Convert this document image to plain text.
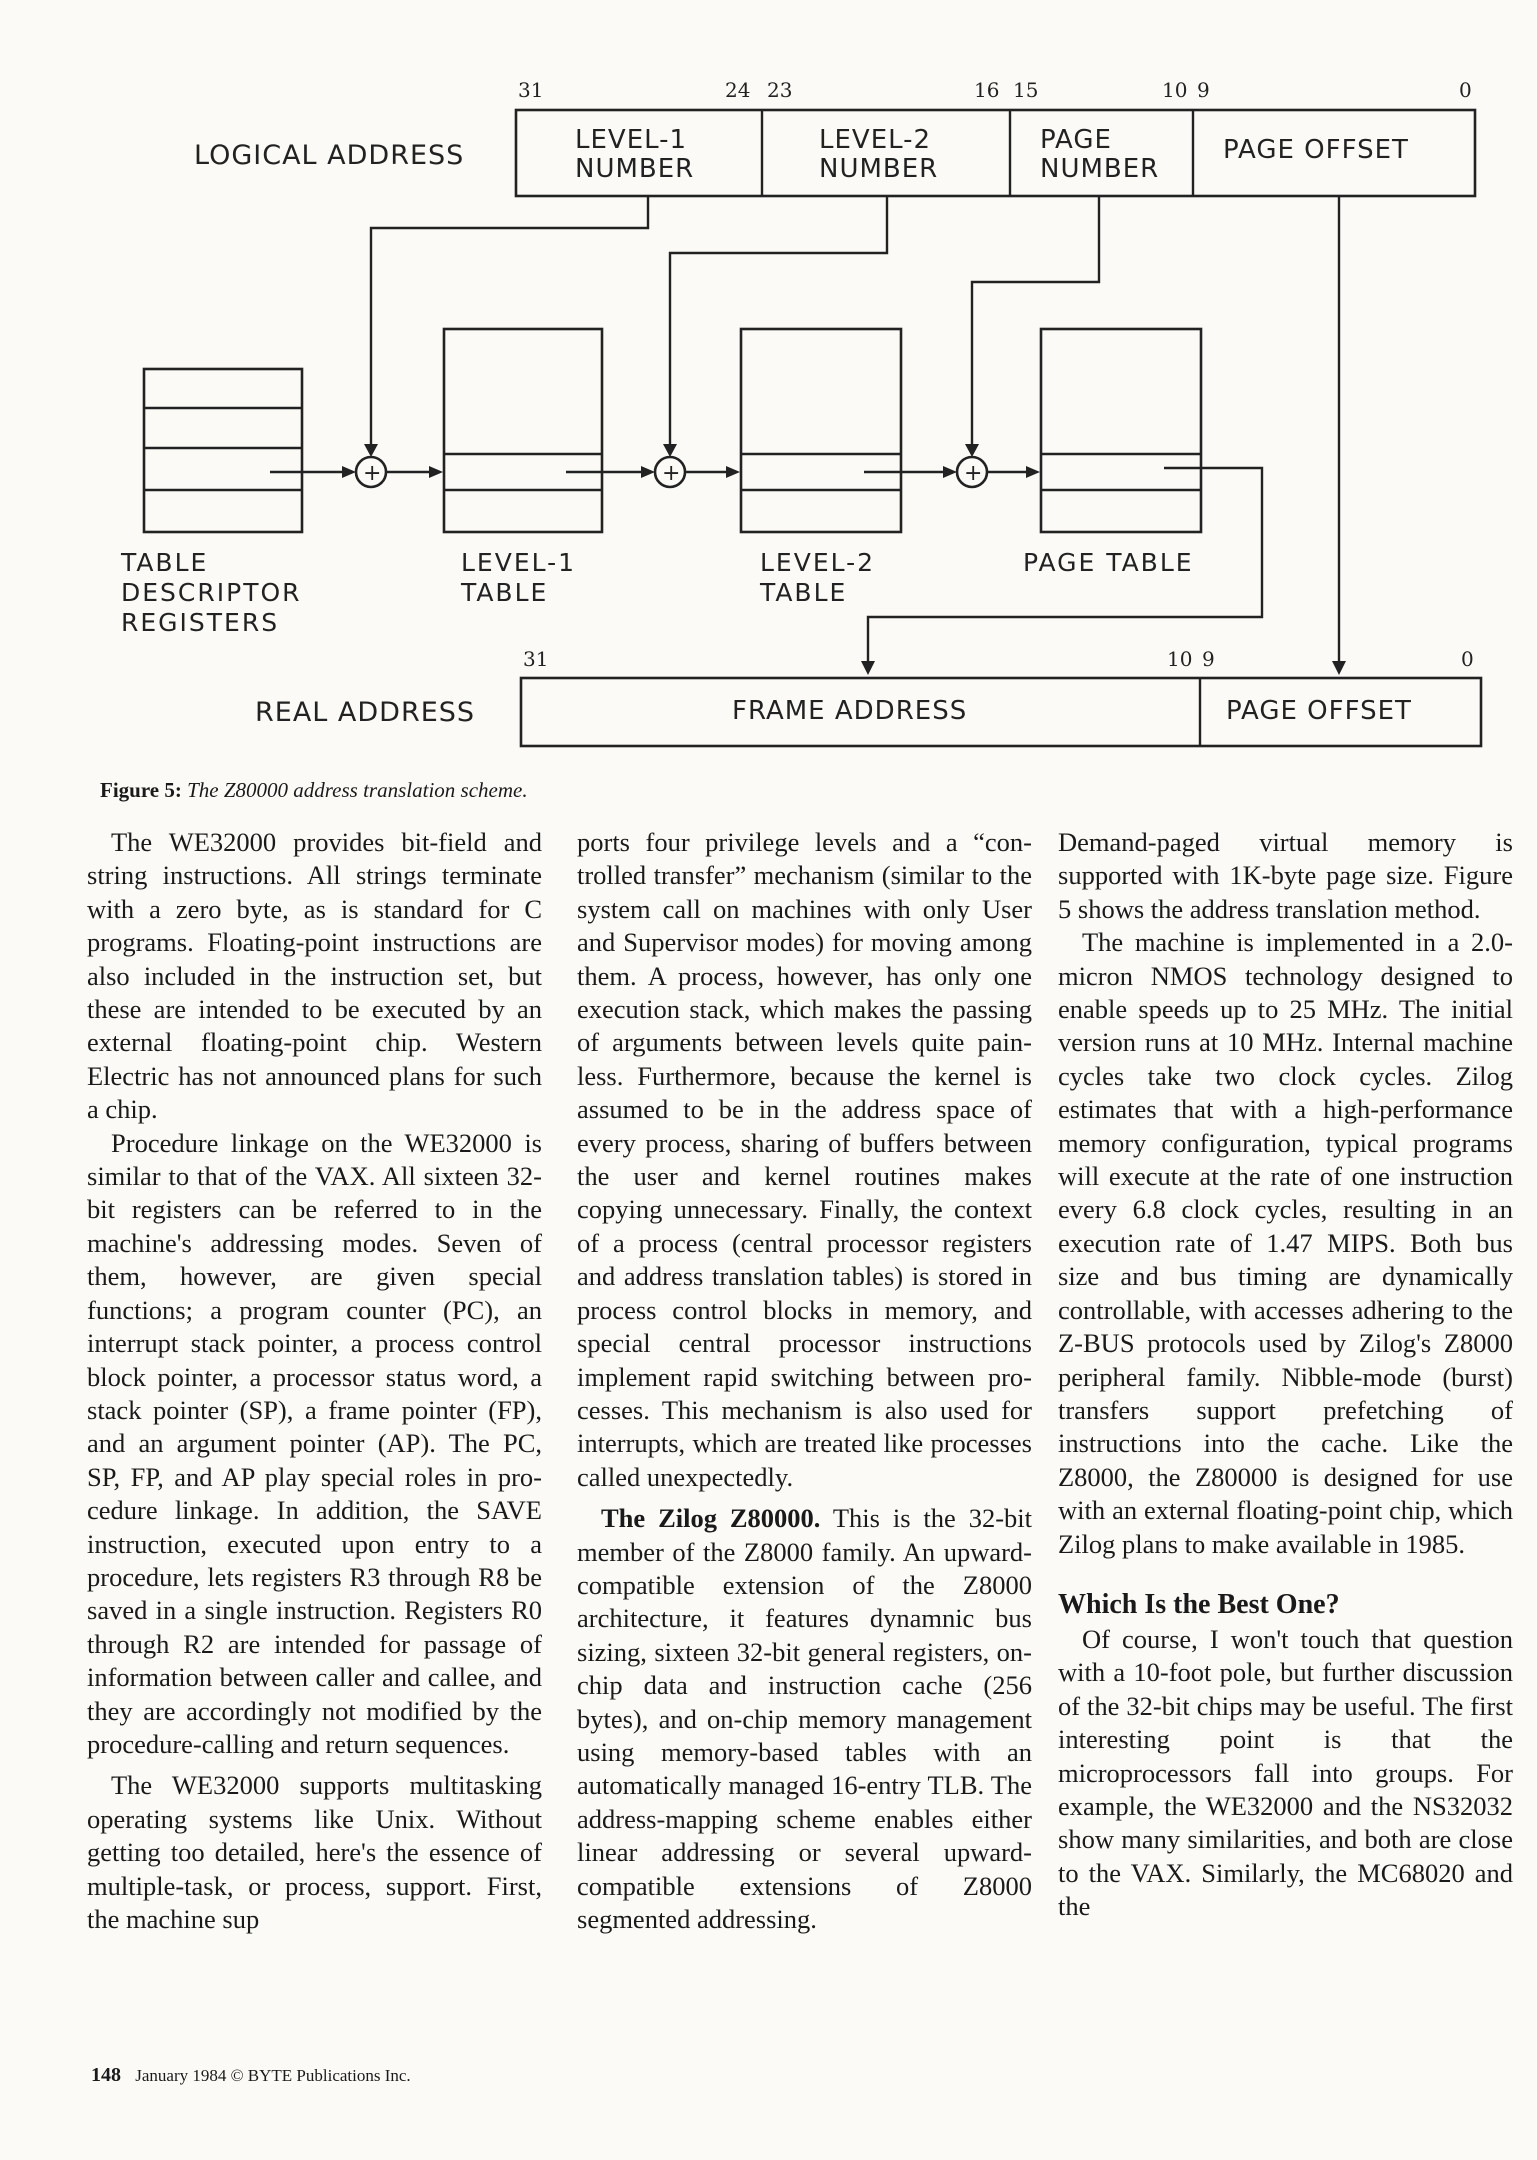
LOGICAL ADDRESS
31	24 23	16 15	10 9	0
LEVEL-1
NUMBER
LEVEL-2
NUMBER
PAGE
NUMBER
PAGE OFFSET
+	+	+
TABLE
DESCRIPTOR
REGISTERS
LEVEL-1
TABLE
LEVEL-2
TABLE
PAGE TABLE
31	10 9	0
REAL ADDRESS	FRAME ADDRESS	PAGE OFFSET
Figure 5: The Z80000 address translation scheme.

The WE32000 provides bit-field and string instructions. All strings terminate with a zero byte, as is standard for C programs. Floating-point instructions are also included in the instruction set, but these are intended to be executed by an external floating-point chip. Western Electric has not announced plans for such a chip.

Procedure linkage on the WE32000 is similar to that of the VAX. All sixteen 32-bit registers can be referred to in the machine's addressing modes. Seven of them, however, are given special functions; a program counter (PC), an interrupt stack pointer, a process control block pointer, a processor status word, a stack pointer (SP), a frame pointer (FP), and an argument pointer (AP). The PC, SP, FP, and AP play special roles in procedure linkage. In addition, the SAVE instruction, executed upon entry to a procedure, lets registers R3 through R8 be saved in a single instruction. Registers R0 through R2 are intended for passage of information between caller and callee, and they are accordingly not modified by the procedure-calling and return sequences.

The WE32000 supports multitasking operating systems like Unix. Without getting too detailed, here's the essence of multiple-task, or process, support. First, the machine sup

ports four privilege levels and a “controlled transfer” mechanism (similar to the system call on machines with only User and Supervisor modes) for moving among them. A process, however, has only one execution stack, which makes the passing of arguments between levels quite painless. Furthermore, because the kernel is assumed to be in the address space of every process, sharing of buffers between the user and kernel routines makes copying unnecessary. Finally, the context of a process (central processor registers and address translation tables) is stored in process control blocks in memory, and special central processor instructions implement rapid switching between processes. This mechanism is also used for interrupts, which are treated like processes called unexpectedly.

The Zilog Z80000. This is the 32-bit member of the Z8000 family. An upward-compatible extension of the Z8000 architecture, it features dynamnic bus sizing, sixteen 32-bit general registers, on-chip data and instruction cache (256 bytes), and on-chip memory management using memory-based tables with an automatically managed 16-entry TLB. The address-mapping scheme enables either linear addressing or several upward-compatible extensions of Z8000 segmented addressing.

Demand-paged virtual memory is supported with 1K-byte page size. Figure 5 shows the address translation method.

The machine is implemented in a 2.0-micron NMOS technology designed to enable speeds up to 25 MHz. The initial version runs at 10 MHz. Internal machine cycles take two clock cycles. Zilog estimates that with a high-performance memory configuration, typical programs will execute at the rate of one instruction every 6.8 clock cycles, resulting in an execution rate of 1.47 MIPS. Both bus size and bus timing are dynamically controllable, with accesses adhering to the Z-BUS protocols used by Zilog's Z8000 peripheral family. Nibble-mode (burst) transfers support prefetching of instructions into the cache. Like the Z8000, the Z80000 is designed for use with an external floating-point chip, which Zilog plans to make available in 1985.

Which Is the Best One?

Of course, I won't touch that question with a 10-foot pole, but further discussion of the 32-bit chips may be useful. The first interesting point is that the microprocessors fall into groups. For example, the WE32000 and the NS32032 show many similarities, and both are close to the VAX. Similarly, the MC68020 and the

148 January 1984 © BYTE Publications Inc.
